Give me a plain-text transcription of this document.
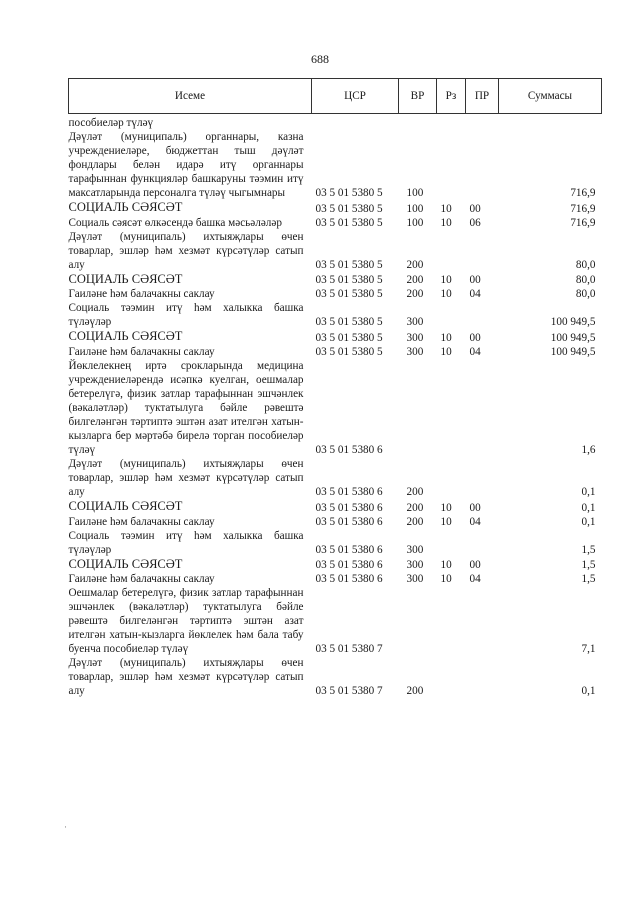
688
Исеме	ЦСР	ВР	Рз	ПР	Суммасы
пособиеләр түләү					
Дәүләт (муниципаль) органнары, казна учреждениеләре, бюджеттан тыш дәүләт фондлары белән идарә итү органнары тарафыннан функцияләр башкаруны тәэмин итү максатларында персоналга түләү чыгымнары	03 5 01 5380 5	100			716,9
СОЦИАЛЬ СӘЯСӘТ	03 5 01 5380 5	100	10	00	716,9
Социаль сәясәт өлкәсендә башка мәсьәләләр	03 5 01 5380 5	100	10	06	716,9
Дәүләт (муниципаль) ихтыяҗлары өчен товарлар, эшләр һәм хезмәт күрсәтүләр сатып алу	03 5 01 5380 5	200			80,0
СОЦИАЛЬ СӘЯСӘТ	03 5 01 5380 5	200	10	00	80,0
Гаиләне һәм балачакны саклау	03 5 01 5380 5	200	10	04	80,0
Социаль тәэмин итү һәм халыкка башка түләүләр	03 5 01 5380 5	300			100 949,5
СОЦИАЛЬ СӘЯСӘТ	03 5 01 5380 5	300	10	00	100 949,5
Гаиләне һәм балачакны саклау	03 5 01 5380 5	300	10	04	100 949,5
Йөклелекнең иртә срокларында медицина учреждениеләрендә исәпкә куелган, оешмалар бетерелүгә, физик затлар тарафыннан эшчәнлек (вәкаләтләр) туктатылуга бәйле рәвештә билгеләнгән тәртиптә эштән азат ителгән хатын-кызларга бер мәртәбә бирелә торган пособиеләр түләү	03 5 01 5380 6				1,6
Дәүләт (муниципаль) ихтыяҗлары өчен товарлар, эшләр һәм хезмәт күрсәтүләр сатып алу	03 5 01 5380 6	200			0,1
СОЦИАЛЬ СӘЯСӘТ	03 5 01 5380 6	200	10	00	0,1
Гаиләне һәм балачакны саклау	03 5 01 5380 6	200	10	04	0,1
Социаль тәэмин итү һәм халыкка башка түләүләр	03 5 01 5380 6	300			1,5
СОЦИАЛЬ СӘЯСӘТ	03 5 01 5380 6	300	10	00	1,5
Гаиләне һәм балачакны саклау	03 5 01 5380 6	300	10	04	1,5
Оешмалар бетерелүгә, физик затлар тарафыннан эшчәнлек (вәкаләтләр) туктатылуга бәйле рәвештә билгеләнгән тәртиптә эштән азат ителгән хатын-кызларга йөклелек һәм бала табу буенча пособиеләр түләү	03 5 01 5380 7				7,1
Дәүләт (муниципаль) ихтыяҗлары өчен товарлар, эшләр һәм хезмәт күрсәтүләр сатып алу	03 5 01 5380 7	200			0,1
·
